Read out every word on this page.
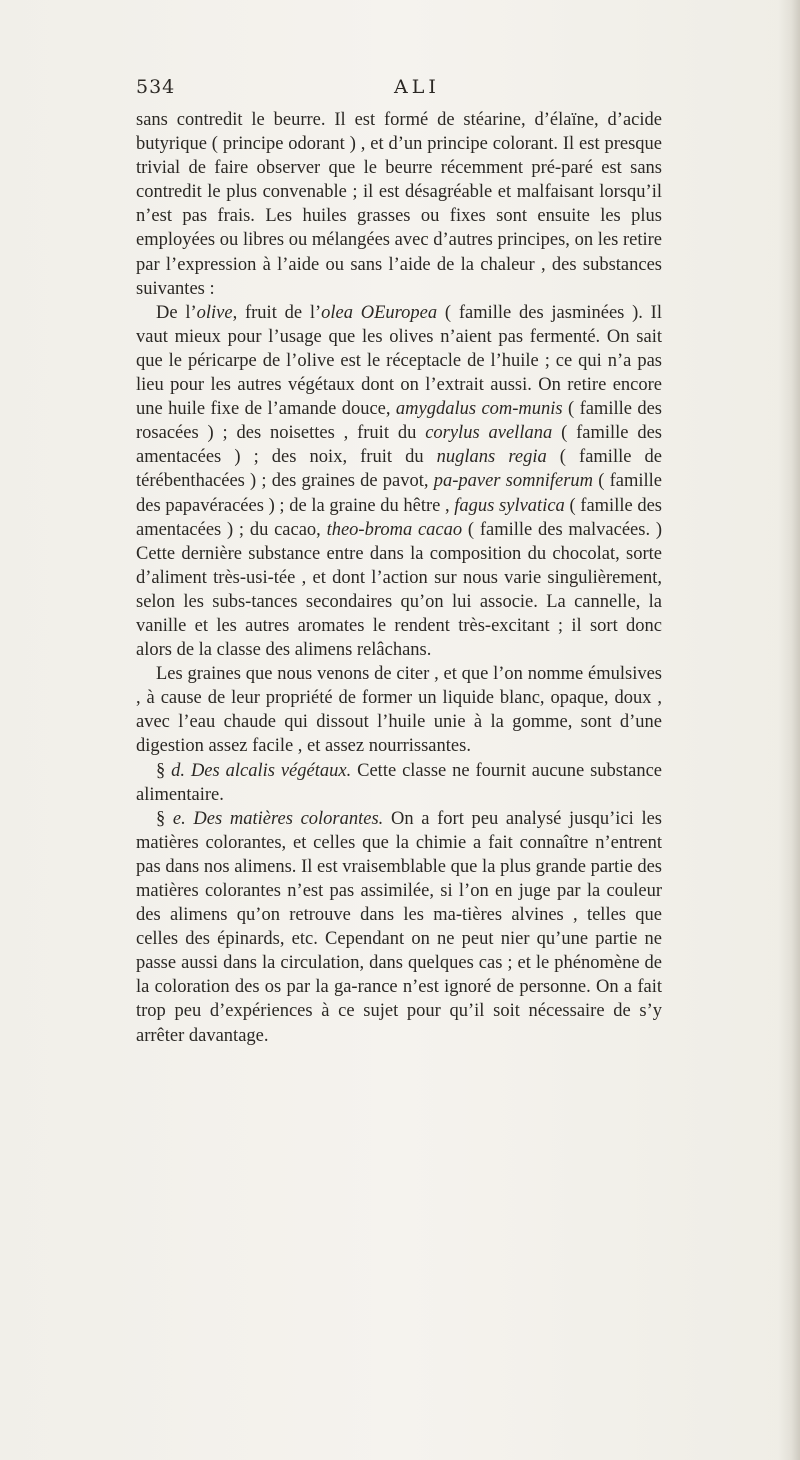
534	ALI

sans contredit le beurre. Il est formé de stéarine, d’élaïne, d’acide butyrique ( principe odorant ) , et d’un principe colorant. Il est presque trivial de faire observer que le beurre récemment pré-paré est sans contredit le plus convenable ; il est désagréable et malfaisant lorsqu’il n’est pas frais. Les huiles grasses ou fixes sont ensuite les plus employées ou libres ou mélangées avec d’autres principes, on les retire par l’expression à l’aide ou sans l’aide de la chaleur , des substances suivantes :

De l’olive, fruit de l’olea OEuropea ( famille des jasminées ). Il vaut mieux pour l’usage que les olives n’aient pas fermenté. On sait que le péricarpe de l’olive est le réceptacle de l’huile ; ce qui n’a pas lieu pour les autres végétaux dont on l’extrait aussi. On retire encore une huile fixe de l’amande douce, amygdalus com-munis ( famille des rosacées ) ; des noisettes , fruit du corylus avellana ( famille des amentacées ) ; des noix, fruit du nuglans regia ( famille de térébenthacées ) ; des graines de pavot, pa-paver somniferum ( famille des papavéracées ) ; de la graine du hêtre , fagus sylvatica ( famille des amentacées ) ; du cacao, theo-broma cacao ( famille des malvacées. ) Cette dernière substance entre dans la composition du chocolat, sorte d’aliment très-usi-tée , et dont l’action sur nous varie singulièrement, selon les subs-tances secondaires qu’on lui associe. La cannelle, la vanille et les autres aromates le rendent très-excitant ; il sort donc alors de la classe des alimens relâchans.

Les graines que nous venons de citer , et que l’on nomme émulsives , à cause de leur propriété de former un liquide blanc, opaque, doux , avec l’eau chaude qui dissout l’huile unie à la gomme, sont d’une digestion assez facile , et assez nourrissantes.

§ d. Des alcalis végétaux. Cette classe ne fournit aucune substance alimentaire.

§ e. Des matières colorantes. On a fort peu analysé jusqu’ici les matières colorantes, et celles que la chimie a fait connaître n’entrent pas dans nos alimens. Il est vraisemblable que la plus grande partie des matières colorantes n’est pas assimilée, si l’on en juge par la couleur des alimens qu’on retrouve dans les ma-tières alvines , telles que celles des épinards, etc. Cependant on ne peut nier qu’une partie ne passe aussi dans la circulation, dans quelques cas ; et le phénomène de la coloration des os par la ga-rance n’est ignoré de personne. On a fait trop peu d’expériences à ce sujet pour qu’il soit nécessaire de s’y arrêter davantage.
